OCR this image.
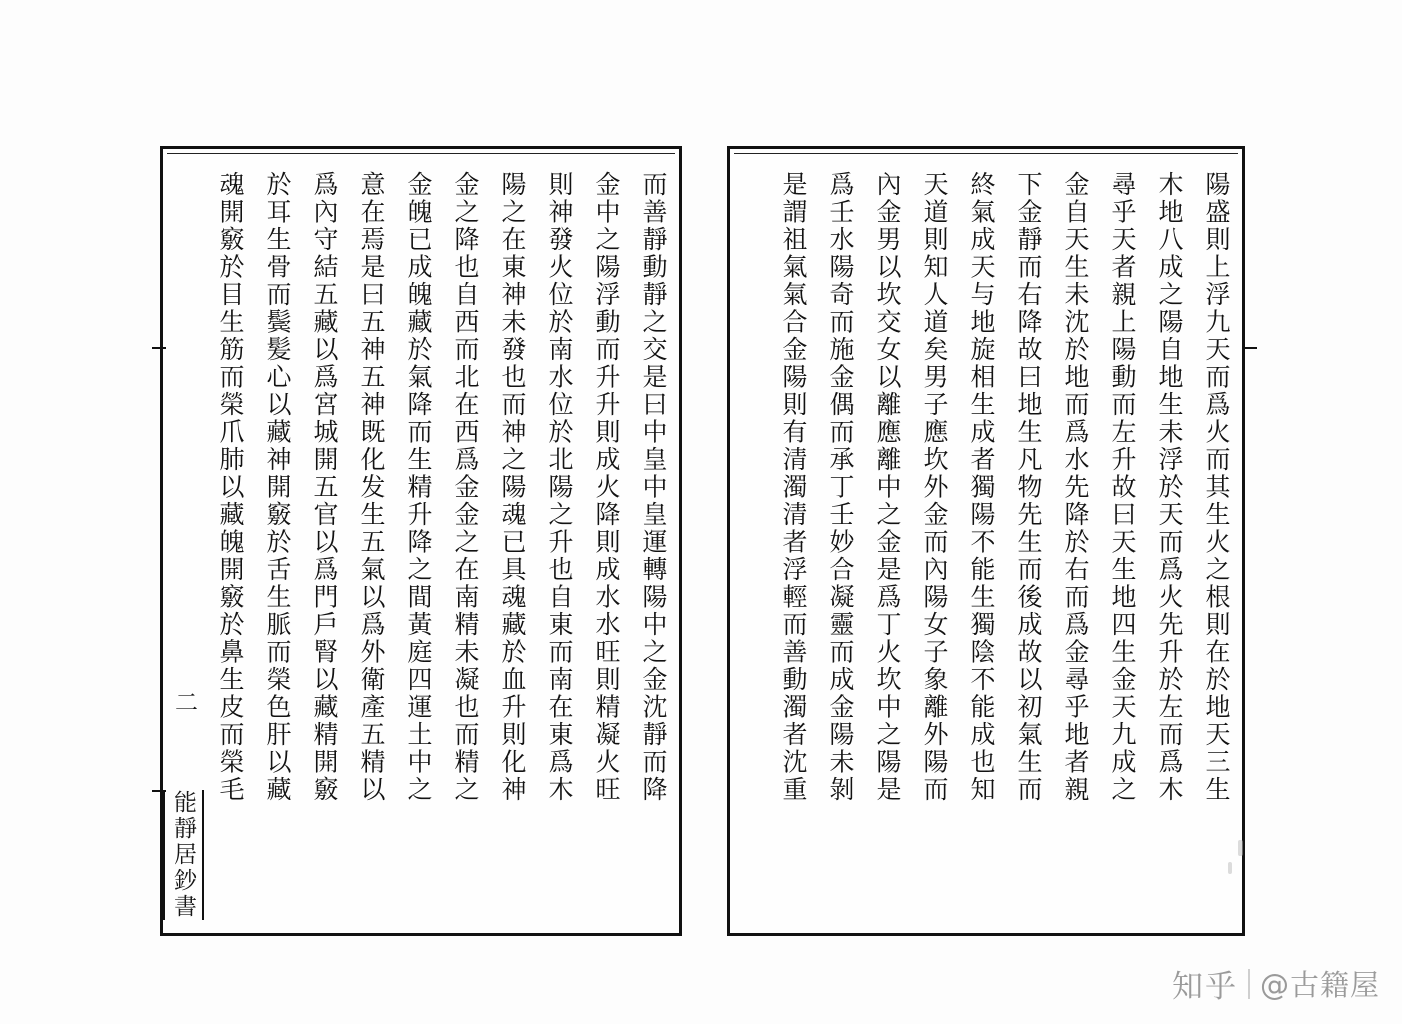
陽盛則上浮九天而爲火而其生火之根則在於地天三生
木地八成之陽自地生未浮於天而爲火先升於左而爲木
尋乎天者親上陽動而左升故曰天生地四生金天九成之
金自天生未沈於地而爲水先降於右而爲金尋乎地者親
下金靜而右降故曰地生凡物先生而後成故以初氣生而
終氣成天与地旋相生成者獨陽不能生獨陰不能成也知
天道則知人道矣男子應坎外金而內陽女子象離外陽而
內金男以坎交女以離應離中之金是爲丁火坎中之陽是
爲壬水陽奇而施金偶而承丁壬妙合凝靈而成金陽未剝
是謂祖氣氣合金陽則有清濁清者浮輕而善動濁者沈重
而善靜動靜之交是曰中皇中皇運轉陽中之金沈靜而降
金中之陽浮動而升升則成火降則成水水旺則精凝火旺
則神發火位於南水位於北陽之升也自東而南在東爲木
陽之在東神未發也而神之陽魂已具魂藏於血升則化神
金之降也自西而北在西爲金金之在南精未凝也而精之
金魄已成魄藏於氣降而生精升降之間黃庭四運土中之
意在焉是曰五神五神既化发生五氣以爲外衛產五精以
爲內守結五藏以爲宮城開五官以爲門戶腎以藏精開竅
於耳生骨而鬓髪心以藏神開竅於舌生脈而榮色肝以藏
魂開竅於目生筋而榮爪肺以藏魄開竅於鼻生皮而榮毛
二
能靜居鈔書
知乎 @古籍屋
